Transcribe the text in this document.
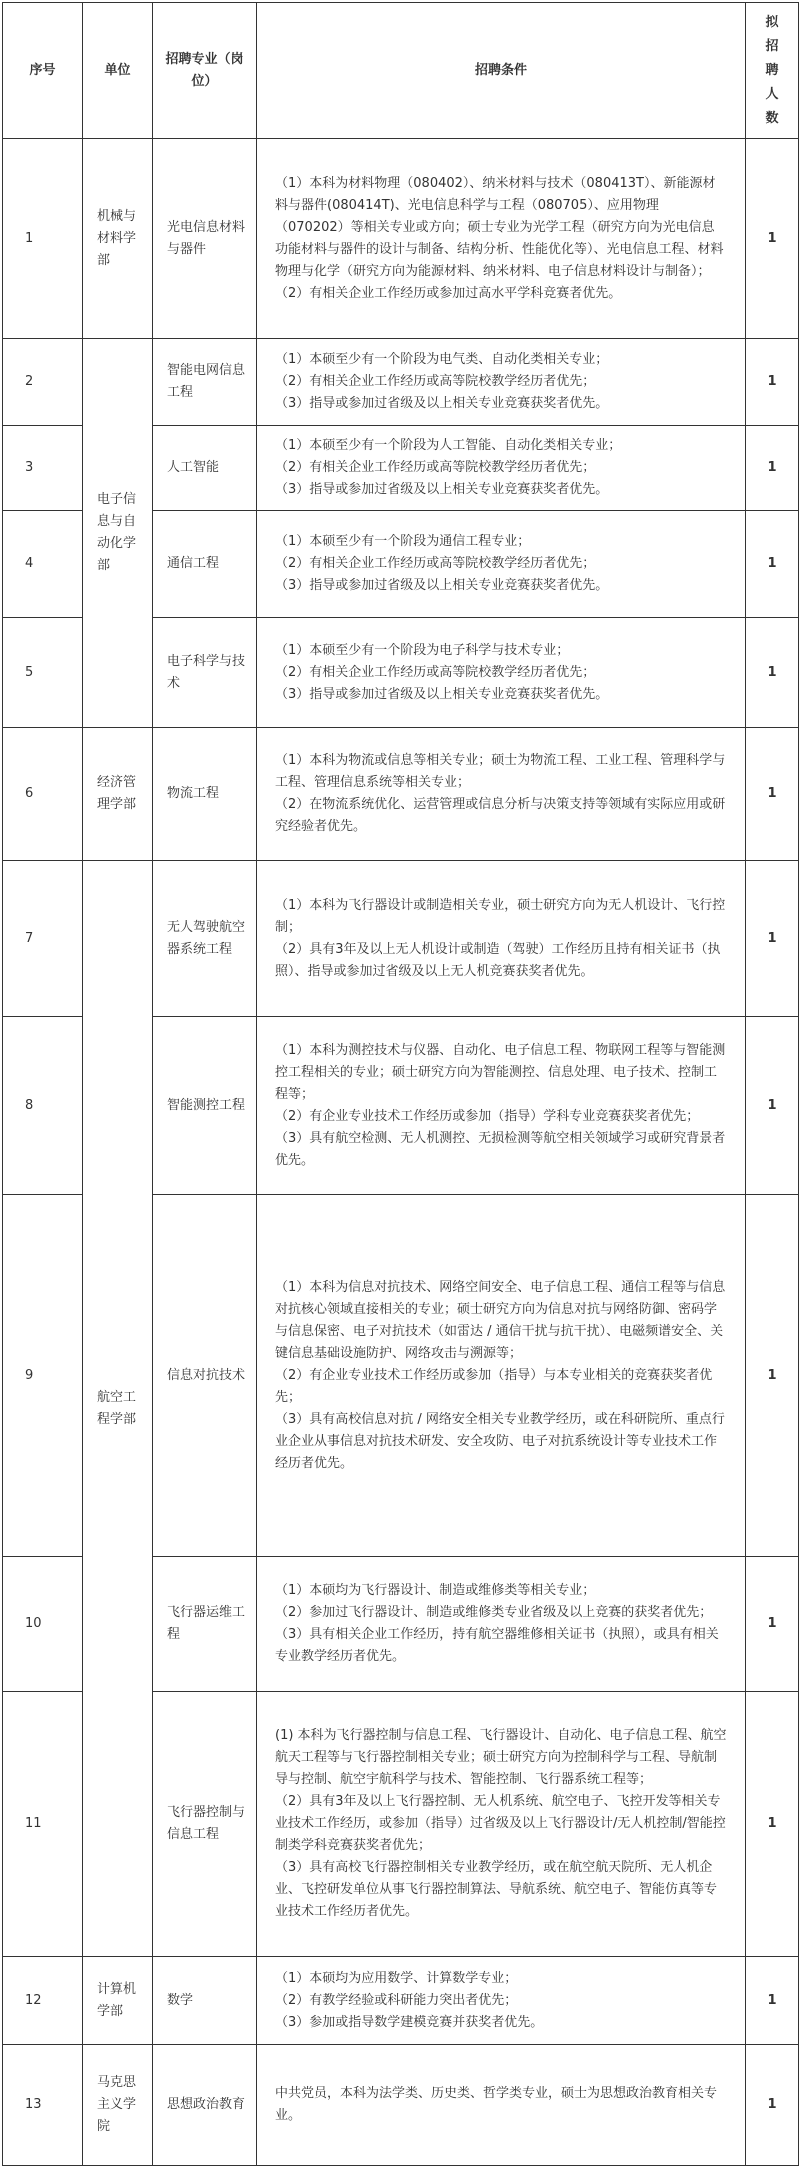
序号	单位	招聘专业（岗位）	招聘条件	拟招聘人数

1	机械与材料学部	光电信息材料与器件	（1）本科为材料物理（080402）、纳米材料与技术（080413T）、新能源材料与器件(080414T)、光电信息科学与工程（080705）、应用物理（070202）等相关专业或方向；硕士专业为光学工程（研究方向为光电信息功能材料与器件的设计与制备、结构分析、性能优化等）、光电信息工程、材料物理与化学（研究方向为能源材料、纳米材料、电子信息材料设计与制备）；
（2）有相关企业工作经历或参加过高水平学科竞赛者优先。	1
2	电子信息与自动化学部	智能电网信息工程	（1）本硕至少有一个阶段为电气类、自动化类相关专业；
（2）有相关企业工作经历或高等院校教学经历者优先；
（3）指导或参加过省级及以上相关专业竞赛获奖者优先。	1
3		人工智能	（1）本硕至少有一个阶段为人工智能、自动化类相关专业；
（2）有相关企业工作经历或高等院校教学经历者优先；
（3）指导或参加过省级及以上相关专业竞赛获奖者优先。	1
4		通信工程	（1）本硕至少有一个阶段为通信工程专业；
（2）有相关企业工作经历或高等院校教学经历者优先；
（3）指导或参加过省级及以上相关专业竞赛获奖者优先。	1
5		电子科学与技术	（1）本硕至少有一个阶段为电子科学与技术专业；
（2）有相关企业工作经历或高等院校教学经历者优先；
（3）指导或参加过省级及以上相关专业竞赛获奖者优先。	1
6	经济管理学部	物流工程	（1）本科为物流或信息等相关专业；硕士为物流工程、工业工程、管理科学与工程、管理信息系统等相关专业；
（2）在物流系统优化、运营管理或信息分析与决策支持等领域有实际应用或研究经验者优先。	1
7	航空工程学部	无人驾驶航空器系统工程	（1）本科为飞行器设计或制造相关专业，硕士研究方向为无人机设计、飞行控制；
（2）具有3年及以上无人机设计或制造（驾驶）工作经历且持有相关证书（执照）、指导或参加过省级及以上无人机竞赛获奖者优先。	1
8		智能测控工程	（1）本科为测控技术与仪器、自动化、电子信息工程、物联网工程等与智能测控工程相关的专业；硕士研究方向为智能测控、信息处理、电子技术、控制工程等；
（2）有企业专业技术工作经历或参加（指导）学科专业竞赛获奖者优先；
（3）具有航空检测、无人机测控、无损检测等航空相关领域学习或研究背景者优先。	1
9		信息对抗技术	（1）本科为信息对抗技术、网络空间安全、电子信息工程、通信工程等与信息对抗核心领域直接相关的专业；硕士研究方向为信息对抗与网络防御、密码学与信息保密、电子对抗技术（如雷达 / 通信干扰与抗干扰）、电磁频谱安全、关键信息基础设施防护、网络攻击与溯源等；
（2）有企业专业技术工作经历或参加（指导）与本专业相关的竞赛获奖者优先；
（3）具有高校信息对抗 / 网络安全相关专业教学经历，或在科研院所、重点行业企业从事信息对抗技术研发、安全攻防、电子对抗系统设计等专业技术工作经历者优先。	1
10		飞行器运维工程	（1）本硕均为飞行器设计、制造或维修类等相关专业；
（2）参加过飞行器设计、制造或维修类专业省级及以上竞赛的获奖者优先；
（3）具有相关企业工作经历，持有航空器维修相关证书（执照），或具有相关专业教学经历者优先。	1
11		飞行器控制与信息工程	(1) 本科为飞行器控制与信息工程、飞行器设计、自动化、电子信息工程、航空航天工程等与飞行器控制相关专业；硕士研究方向为控制科学与工程、导航制导与控制、航空宇航科学与技术、智能控制、飞行器系统工程等；
（2）具有3年及以上飞行器控制、无人机系统、航空电子、飞控开发等相关专业技术工作经历，或参加（指导）过省级及以上飞行器设计/无人机控制/智能控制类学科竞赛获奖者优先；
（3）具有高校飞行器控制相关专业教学经历，或在航空航天院所、无人机企业、飞控研发单位从事飞行器控制算法、导航系统、航空电子、智能仿真等专业技术工作经历者优先。	1
12	计算机学部	数学	（1）本硕均为应用数学、计算数学专业；
（2）有教学经验或科研能力突出者优先；
（3）参加或指导数学建模竞赛并获奖者优先。	1
13	马克思主义学院	思想政治教育	中共党员，本科为法学类、历史类、哲学类专业，硕士为思想政治教育相关专业。	1
